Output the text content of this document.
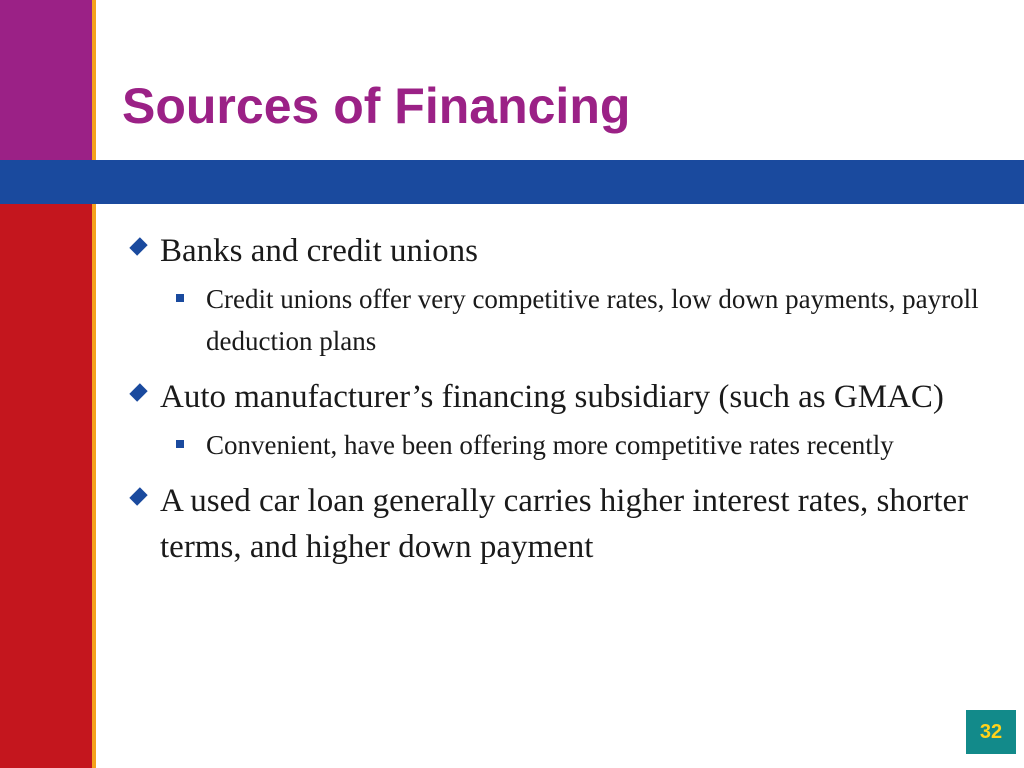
Sources of Financing
Banks and credit unions
Credit unions offer very competitive rates, low down payments, payroll deduction plans
Auto manufacturer’s financing subsidiary (such as GMAC)
Convenient, have been offering more competitive rates recently
A used car loan generally carries higher interest rates, shorter terms, and higher down payment
32
